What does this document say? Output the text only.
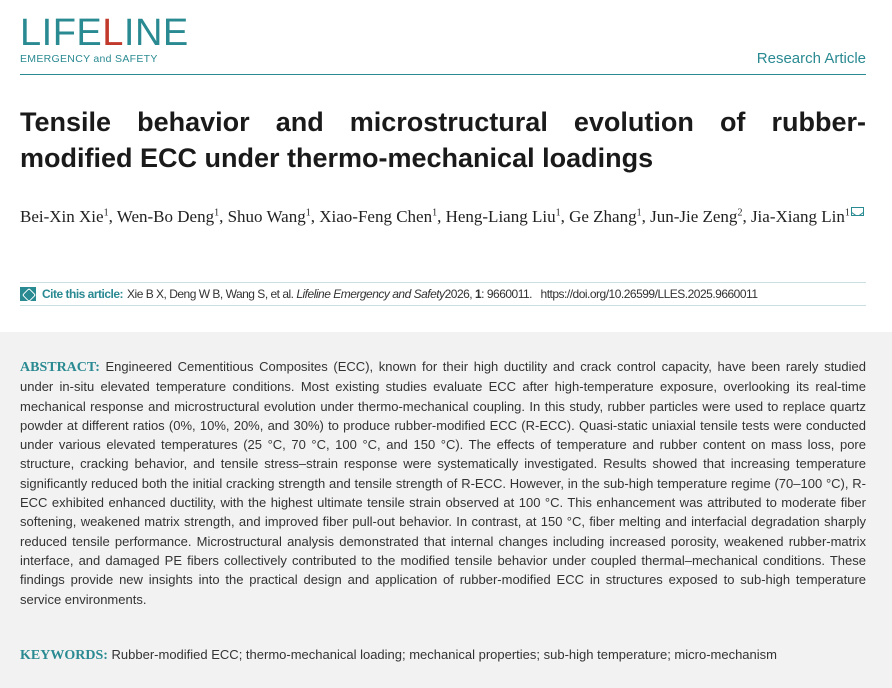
LIFELINE
EMERGENCY and SAFETY	Research Article
Tensile behavior and microstructural evolution of rubber-modified ECC under thermo-mechanical loadings
Bei-Xin Xie$^1$, Wen-Bo Deng$^1$, Shuo Wang$^1$, Xiao-Feng Chen$^1$, Heng-Liang Liu$^1$, Ge Zhang$^1$, Jun-Jie Zeng$^2$, Jia-Xiang Lin$^1$
Cite this article: Xie B X, Deng W B, Wang S, et al.
Lifeline Emergency and Safety 2026,
1 : 9660011.
https://doi.org/10.26599/LLES.2025.9660011

ABSTRACT: Engineered Cementitious Composites (ECC), known for their high ductility and crack control capacity, have been rarely studied under in-situ elevated temperature conditions. Most existing studies evaluate ECC after high-temperature exposure, overlooking its real-time mechanical response and microstructural evolution under thermo-mechanical coupling. In this study, rubber particles were used to replace quartz powder at different ratios (0%, 10%, 20%, and 30%) to produce rubber-modified ECC (R-ECC). Quasi-static uniaxial tensile tests were conducted under various elevated temperatures (25 °C, 70 °C, 100 °C, and 150 °C). The effects of temperature and rubber content on mass loss, pore structure, cracking behavior, and tensile stress–strain response were systematically investigated. Results showed that increasing temperature significantly reduced both the initial cracking strength and tensile strength of R-ECC. However, in the sub-high temperature regime (70–100 °C), R-ECC exhibited enhanced ductility, with the highest ultimate tensile strain observed at 100 °C. This enhancement was attributed to moderate fiber softening, weakened matrix strength, and improved fiber pull-out behavior. In contrast, at 150 °C, fiber melting and interfacial degradation sharply reduced tensile performance. Microstructural analysis demonstrated that internal changes including increased porosity, weakened rubber-matrix interface, and damaged PE fibers collectively contributed to the modified tensile behavior under coupled thermal–mechanical conditions. These findings provide new insights into the practical design and application of rubber-modified ECC in structures exposed to sub-high temperature service environments.

KEYWORDS: Rubber-modified ECC; thermo-mechanical loading; mechanical properties; sub-high temperature; micro-mechanism
